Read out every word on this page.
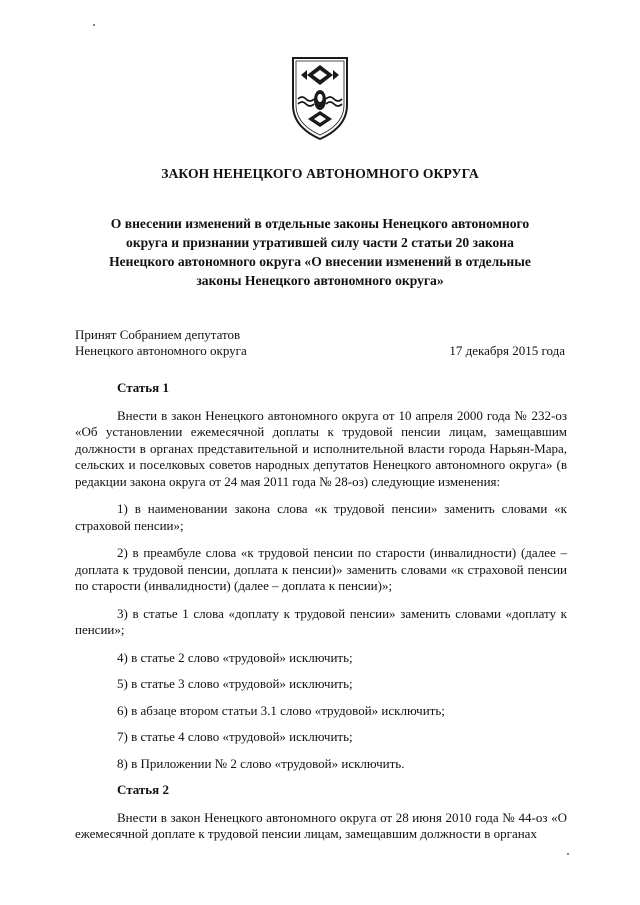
ЗАКОН НЕНЕЦКОГО АВТОНОМНОГО ОКРУГА
О внесении изменений в отдельные законы Ненецкого автономного
округа и признании утратившей силу части 2 статьи 20 закона
Ненецкого автономного округа «О внесении изменений в отдельные
законы Ненецкого автономного округа»
Принят Собранием депутатов
Ненецкого автономного округа	17 декабря 2015 года
Статья 1
Внести в закон Ненецкого автономного округа от 10 апреля 2000 года № 232-оз «Об установлении ежемесячной доплаты к трудовой пенсии лицам, замещавшим должности в органах представительной и исполнительной власти города Нарьян-Мара, сельских и поселковых советов народных депутатов Ненецкого автономного округа» (в редакции закона округа от 24 мая 2011 года № 28-оз) следующие изменения:
1) в наименовании закона слова «к трудовой пенсии» заменить словами «к страховой пенсии»;
2) в преамбуле слова «к трудовой пенсии по старости (инвалидности) (далее – доплата к трудовой пенсии, доплата к пенсии)» заменить словами «к страховой пенсии по старости (инвалидности) (далее – доплата к пенсии)»;
3) в статье 1 слова «доплату к трудовой пенсии» заменить словами «доплату к пенсии»;
4) в статье 2 слово «трудовой» исключить;
5) в статье 3 слово «трудовой» исключить;
6) в абзаце втором статьи 3.1 слово «трудовой» исключить;
7) в статье 4 слово «трудовой» исключить;
8) в Приложении № 2 слово «трудовой» исключить.
Статья 2
Внести в закон Ненецкого автономного округа от 28 июня 2010 года № 44-оз «О ежемесячной доплате к трудовой пенсии лицам, замещавшим должности в органах
